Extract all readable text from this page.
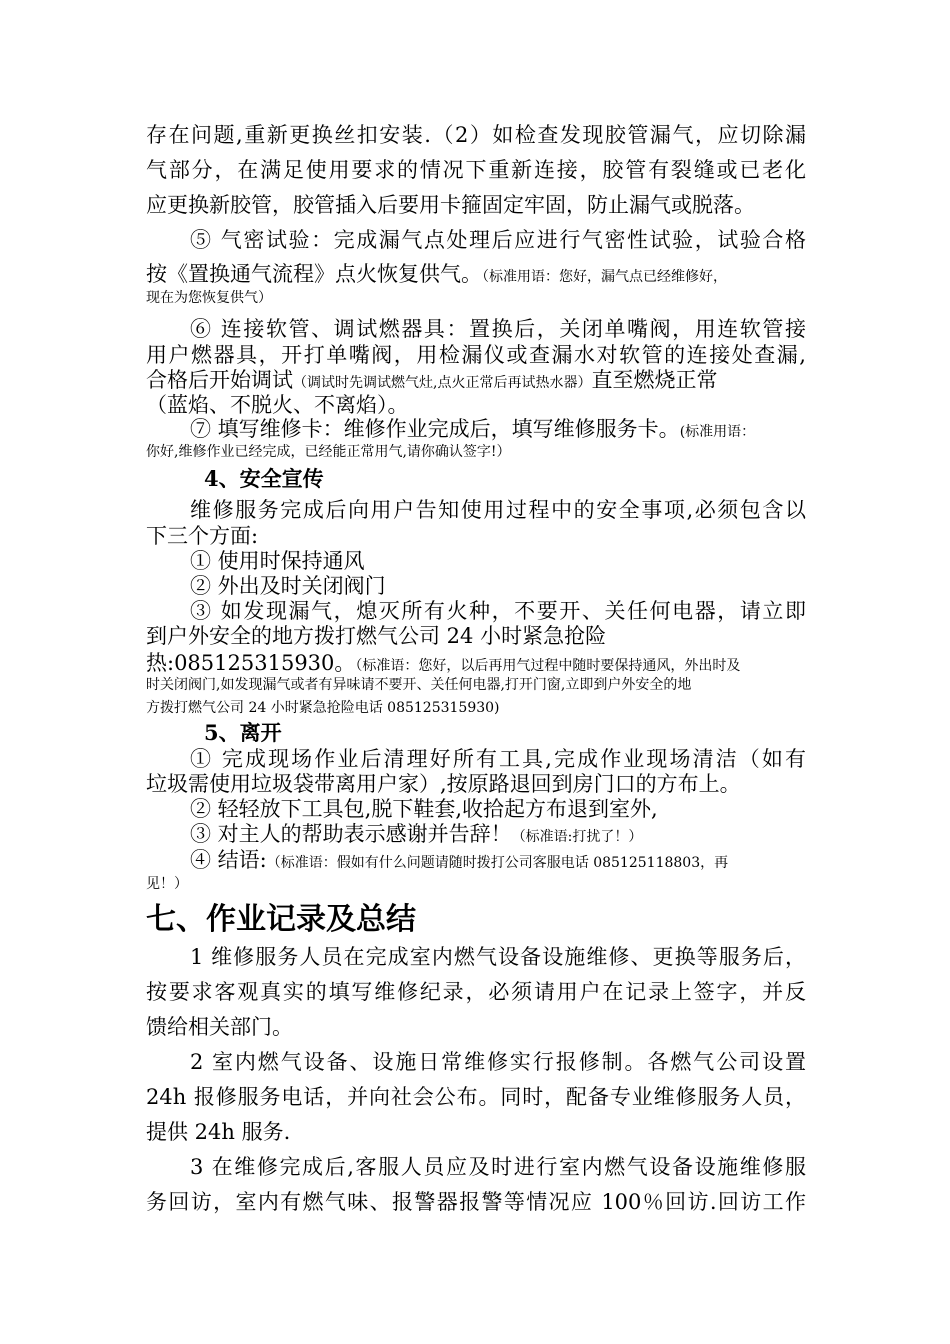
存在问题,重新更换丝扣安装.（2）如检查发现胶管漏气，应切除漏
气部分，在满足使用要求的情况下重新连接，胶管有裂缝或已老化
应更换新胶管，胶管插入后要用卡箍固定牢固，防止漏气或脱落。
⑤ 气密试验：完成漏气点处理后应进行气密性试验，试验合格
按《置换通气流程》点火恢复供气。（标准用语：您好，漏气点已经维修好，
现在为您恢复供气）
⑥ 连接软管、调试燃器具：置换后，关闭单嘴阀，用连软管接
用户燃器具，开打单嘴阀，用检漏仪或查漏水对软管的连接处查漏,
合格后开始调试（调试时先调试燃气灶,点火正常后再试热水器）直至燃烧正常
（蓝焰、不脱火、不离焰）。
⑦ 填写维修卡：维修作业完成后，填写维修服务卡。(标准用语：
你好,维修作业已经完成，已经能正常用气,请你确认签字!）
4、安全宣传
维修服务完成后向用户告知使用过程中的安全事项,必须包含以
下三个方面:
① 使用时保持通风
② 外出及时关闭阀门
③ 如发现漏气，熄灭所有火种，不要开、关任何电器，请立即
到户外安全的地方拨打燃气公司 24 小时紧急抢险
热:085125315930。（标准语：您好，以后再用气过程中随时要保持通风，外出时及
时关闭阀门,如发现漏气或者有异味请不要开、关任何电器,打开门窗,立即到户外安全的地
方拨打燃气公司 24 小时紧急抢险电话 085125315930)
5、离开
① 完成现场作业后清理好所有工具,完成作业现场清洁（如有
垃圾需使用垃圾袋带离用户家）,按原路退回到房门口的方布上。
② 轻轻放下工具包,脱下鞋套,收拾起方布退到室外,
③ 对主人的帮助表示感谢并告辞！（标准语:打扰了！）
④ 结语:（标准语：假如有什么问题请随时拨打公司客服电话 085125118803，再
见！）
七、作业记录及总结
1 维修服务人员在完成室内燃气设备设施维修、更换等服务后，
按要求客观真实的填写维修纪录，必须请用户在记录上签字，并反
馈给相关部门。
2 室内燃气设备、设施日常维修实行报修制。各燃气公司设置
24h 报修服务电话，并向社会公布。同时，配备专业维修服务人员，
提供 24h 服务.
3 在维修完成后,客服人员应及时进行室内燃气设备设施维修服
务回访，室内有燃气味、报警器报警等情况应 100％回访.回访工作
